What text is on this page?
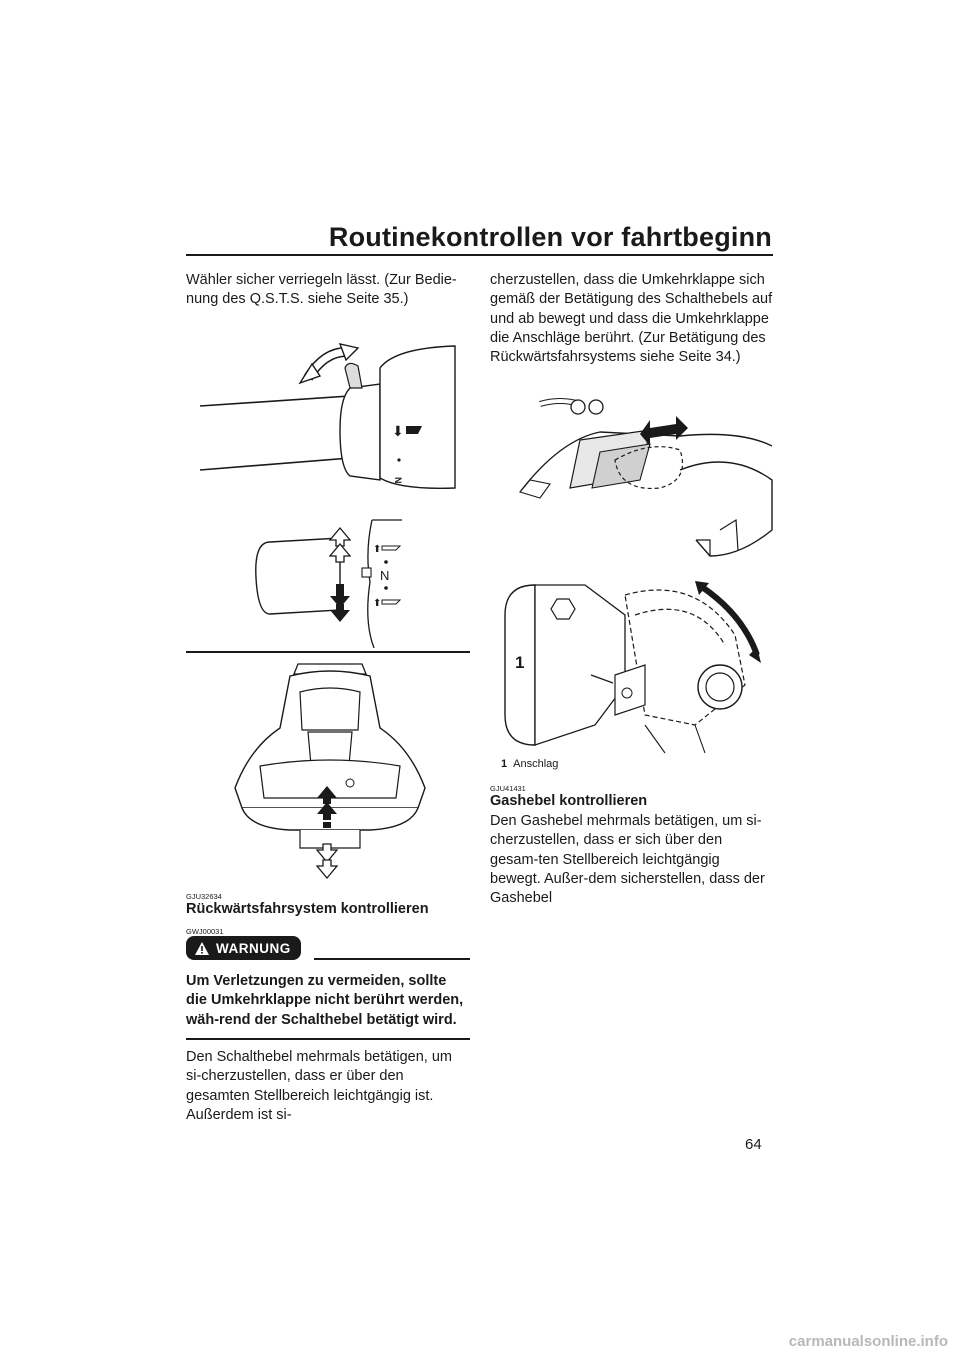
Routinekontrollen vor fahrtbeginn

Wähler sicher verriegeln lässt. (Zur Bedie-
nung des Q.S.T.S. siehe Seite 35.)

⬇
N
⬆
⬆
N

GJU32634

Rückwärtsfahrsystem kontrollieren

GWJ00031

WARNUNG

Um Verletzungen zu vermeiden, sollte die Umkehrklappe nicht berührt werden, wäh-rend der Schalthebel betätigt wird.

Den Schalthebel mehrmals betätigen, um si-cherzustellen, dass er über den gesamten Stellbereich leichtgängig ist. Außerdem ist si-

cherzustellen, dass die Umkehrklappe sich gemäß der Betätigung des Schalthebels auf und ab bewegt und dass die Umkehrklappe die Anschläge berührt. (Zur Betätigung des Rückwärtsfahrsystems siehe Seite 34.)

1
1 Anschlag

GJU41431

Gashebel kontrollieren

Den Gashebel mehrmals betätigen, um si-cherzustellen, dass er sich über den gesam-ten Stellbereich leichtgängig bewegt. Außer-dem sicherstellen, dass der Gashebel

64
carmanualsonline.info
